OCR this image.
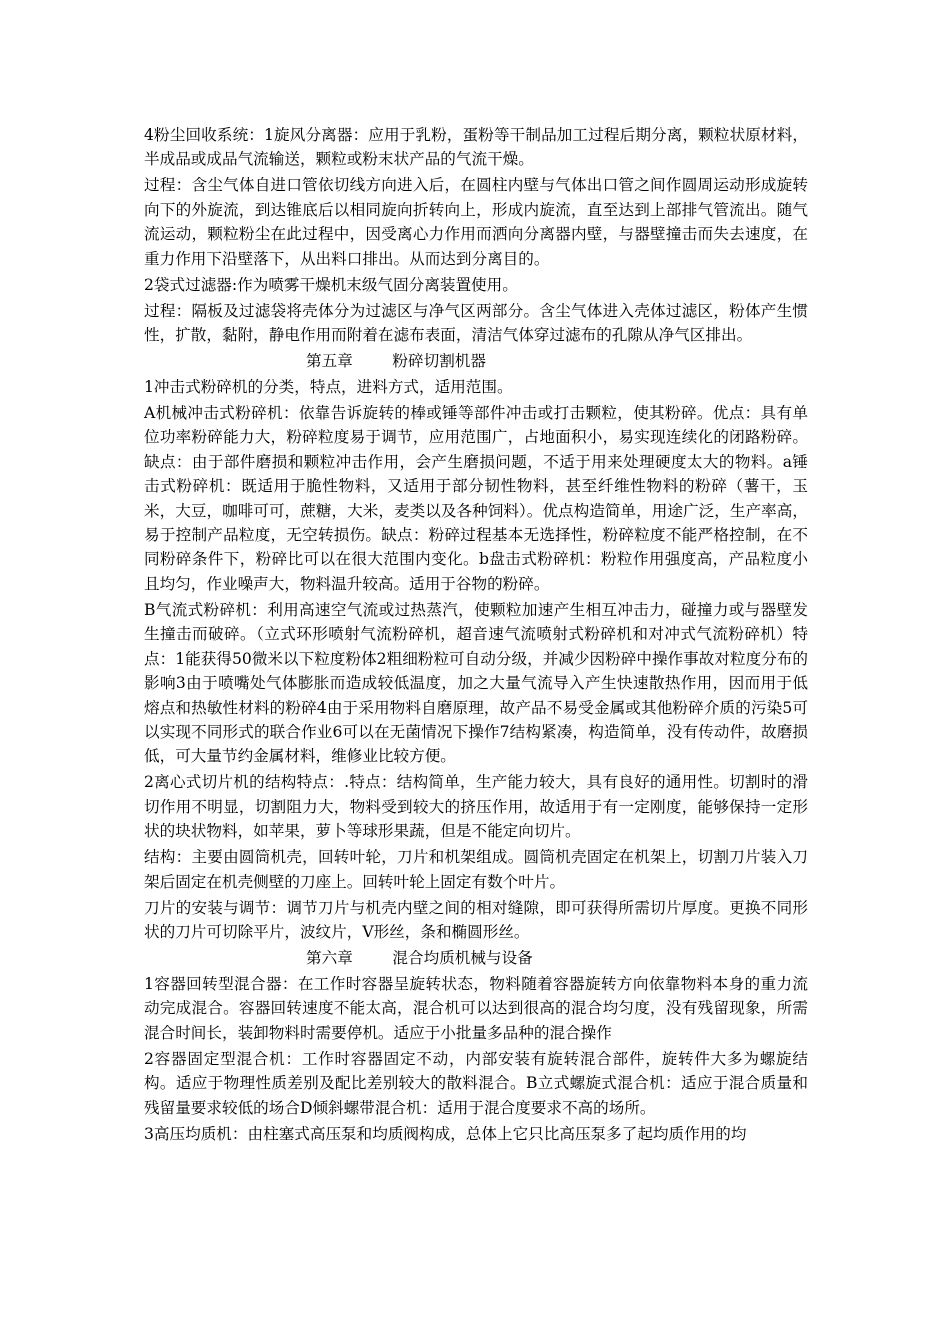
4粉尘回收系统：1旋风分离器：应用于乳粉，蛋粉等干制品加工过程后期分离，颗粒状原材料，半成品或成品气流输送，颗粒或粉末状产品的气流干燥。

过程：含尘气体自进口管依切线方向进入后，在圆柱内壁与气体出口管之间作圆周运动形成旋转向下的外旋流，到达锥底后以相同旋向折转向上，形成内旋流，直至达到上部排气管流出。随气流运动，颗粒粉尘在此过程中，因受离心力作用而洒向分离器内壁，与器壁撞击而失去速度，在重力作用下沿壁落下，从出料口排出。从而达到分离目的。

2袋式过滤器:作为喷雾干燥机末级气固分离装置使用。

过程：隔板及过滤袋将壳体分为过滤区与净气区两部分。含尘气体进入壳体过滤区，粉体产生惯性，扩散，黏附，静电作用而附着在滤布表面，清洁气体穿过滤布的孔隙从净气区排出。

第五章        粉碎切割机器

1冲击式粉碎机的分类，特点，进料方式，适用范围。

A机械冲击式粉碎机：依靠告诉旋转的棒或锤等部件冲击或打击颗粒，使其粉碎。优点：具有单位功率粉碎能力大，粉碎粒度易于调节，应用范围广，占地面积小，易实现连续化的闭路粉碎。缺点：由于部件磨损和颗粒冲击作用，会产生磨损问题，不适于用来处理硬度太大的物料。a锤击式粉碎机：既适用于脆性物料，又适用于部分韧性物料，甚至纤维性物料的粉碎（薯干，玉米，大豆，咖啡可可，蔗糖，大米，麦类以及各种饲料）。优点构造简单，用途广泛，生产率高，易于控制产品粒度，无空转损伤。缺点：粉碎过程基本无选择性，粉碎粒度不能严格控制，在不同粉碎条件下，粉碎比可以在很大范围内变化。b盘击式粉碎机：粉粒作用强度高，产品粒度小且均匀，作业噪声大，物料温升较高。适用于谷物的粉碎。

B气流式粉碎机：利用高速空气流或过热蒸汽，使颗粒加速产生相互冲击力，碰撞力或与器壁发生撞击而破碎。（立式环形喷射气流粉碎机，超音速气流喷射式粉碎机和对冲式气流粉碎机）特点：1能获得50微米以下粒度粉体2粗细粉粒可自动分级，并减少因粉碎中操作事故对粒度分布的影响3由于喷嘴处气体膨胀而造成较低温度，加之大量气流导入产生快速散热作用，因而用于低熔点和热敏性材料的粉碎4由于采用物料自磨原理，故产品不易受金属或其他粉碎介质的污染5可以实现不同形式的联合作业6可以在无菌情况下操作7结构紧凑，构造简单，没有传动件，故磨损低，可大量节约金属材料，维修业比较方便。

2离心式切片机的结构特点：.特点：结构简单，生产能力较大，具有良好的通用性。切割时的滑切作用不明显，切割阻力大，物料受到较大的挤压作用，故适用于有一定刚度，能够保持一定形状的块状物料，如苹果，萝卜等球形果蔬，但是不能定向切片。

结构：主要由圆筒机壳，回转叶轮，刀片和机架组成。圆筒机壳固定在机架上，切割刀片装入刀架后固定在机壳侧壁的刀座上。回转叶轮上固定有数个叶片。

刀片的安装与调节：调节刀片与机壳内壁之间的相对缝隙，即可获得所需切片厚度。更换不同形状的刀片可切除平片，波纹片，V形丝，条和椭圆形丝。

第六章        混合均质机械与设备

1容器回转型混合器：在工作时容器呈旋转状态，物料随着容器旋转方向依靠物料本身的重力流动完成混合。容器回转速度不能太高，混合机可以达到很高的混合均匀度，没有残留现象，所需混合时间长，装卸物料时需要停机。适应于小批量多品种的混合操作

2容器固定型混合机：工作时容器固定不动，内部安装有旋转混合部件，旋转件大多为螺旋结构。适应于物理性质差别及配比差别较大的散料混合。B立式螺旋式混合机：适应于混合质量和残留量要求较低的场合D倾斜螺带混合机：适用于混合度要求不高的场所。

3高压均质机：由柱塞式高压泵和均质阀构成，总体上它只比高压泵多了起均质作用的均
